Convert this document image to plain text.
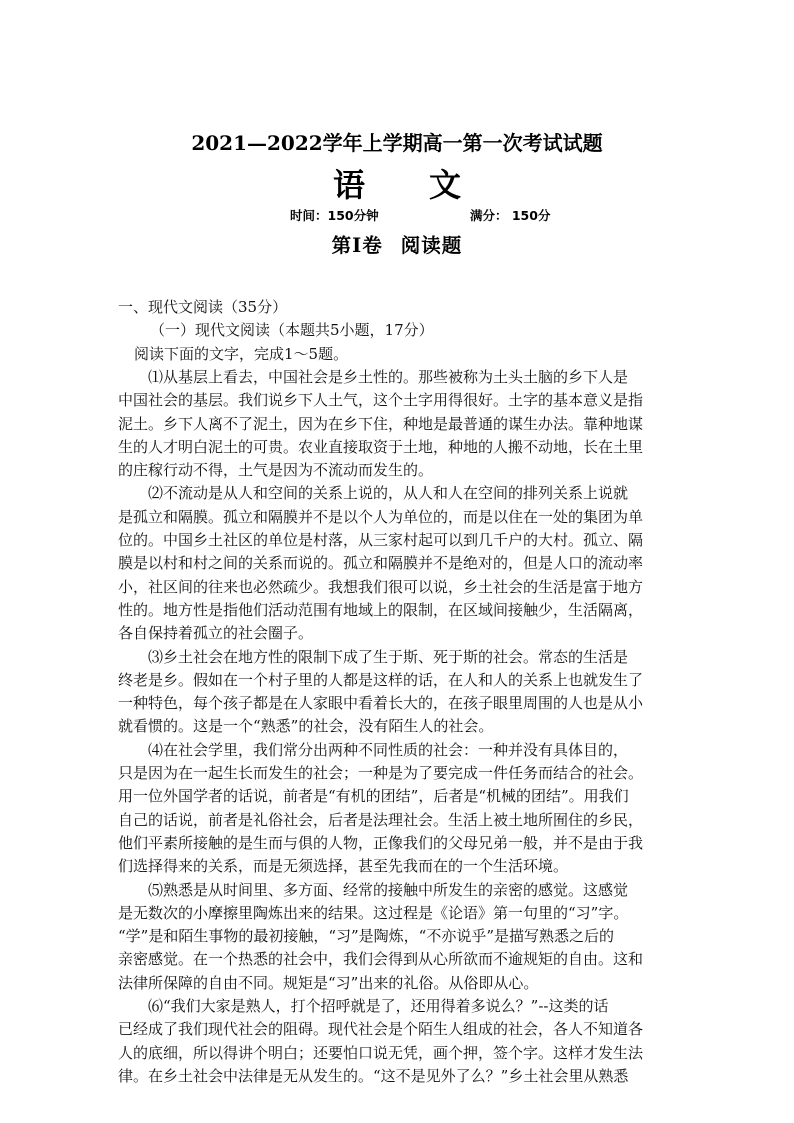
2021—2022学年上学期高一第一次考试试题
语文
时间：150分钟	满分： 150分
第Ⅰ卷 阅读题
一、现代文阅读（35分）
（一）现代文阅读（本题共5小题，17分）
阅读下面的文字，完成1～5题。
⑴从基层上看去，中国社会是乡土性的。那些被称为土头土脑的乡下人是
中国社会的基层。我们说乡下人土气，这个土字用得很好。土字的基本意义是指
泥土。乡下人离不了泥土，因为在乡下住，种地是最普通的谋生办法。靠种地谋
生的人才明白泥土的可贵。农业直接取资于土地，种地的人搬不动地，长在土里
的庄稼行动不得，土气是因为不流动而发生的。
⑵不流动是从人和空间的关系上说的，从人和人在空间的排列关系上说就
是孤立和隔膜。孤立和隔膜并不是以个人为单位的，而是以住在一处的集团为单
位的。中国乡土社区的单位是村落，从三家村起可以到几千户的大村。孤立、隔
膜是以村和村之间的关系而说的。孤立和隔膜并不是绝对的，但是人口的流动率
小，社区间的往来也必然疏少。我想我们很可以说，乡土社会的生活是富于地方
性的。地方性是指他们活动范围有地域上的限制，在区域间接触少，生活隔离，
各自保持着孤立的社会圈子。
⑶乡土社会在地方性的限制下成了生于斯、死于斯的社会。常态的生活是
终老是乡。假如在一个村子里的人都是这样的话，在人和人的关系上也就发生了
一种特色，每个孩子都是在人家眼中看着长大的，在孩子眼里周围的人也是从小
就看惯的。这是一个“熟悉”的社会，没有陌生人的社会。
⑷在社会学里，我们常分出两种不同性质的社会：一种并没有具体目的，
只是因为在一起生长而发生的社会；一种是为了要完成一件任务而结合的社会。
用一位外国学者的话说，前者是“有机的团结”，后者是“机械的团结”。用我们
自己的话说，前者是礼俗社会，后者是法理社会。生活上被土地所囿住的乡民，
他们平素所接触的是生而与俱的人物，正像我们的父母兄弟一般，并不是由于我
们选择得来的关系，而是无须选择，甚至先我而在的一个生活环境。
⑸熟悉是从时间里、多方面、经常的接触中所发生的亲密的感觉。这感觉
是无数次的小摩擦里陶炼出来的结果。这过程是《论语》第一句里的“习”字。
“学”是和陌生事物的最初接触，“习”是陶炼，“不亦说乎”是描写熟悉之后的
亲密感觉。在一个热悉的社会中，我们会得到从心所欲而不逾规矩的自由。这和
法律所保障的自由不同。规矩是“习”出来的礼俗。从俗即从心。
⑹“我们大家是熟人，打个招呼就是了，还用得着多说么？”--这类的话
已经成了我们现代社会的阻碍。现代社会是个陌生人组成的社会，各人不知道各
人的底细，所以得讲个明白；还要怕口说无凭，画个押，签个字。这样才发生法
律。在乡土社会中法律是无从发生的。“这不是见外了么？”乡土社会里从熟悉
